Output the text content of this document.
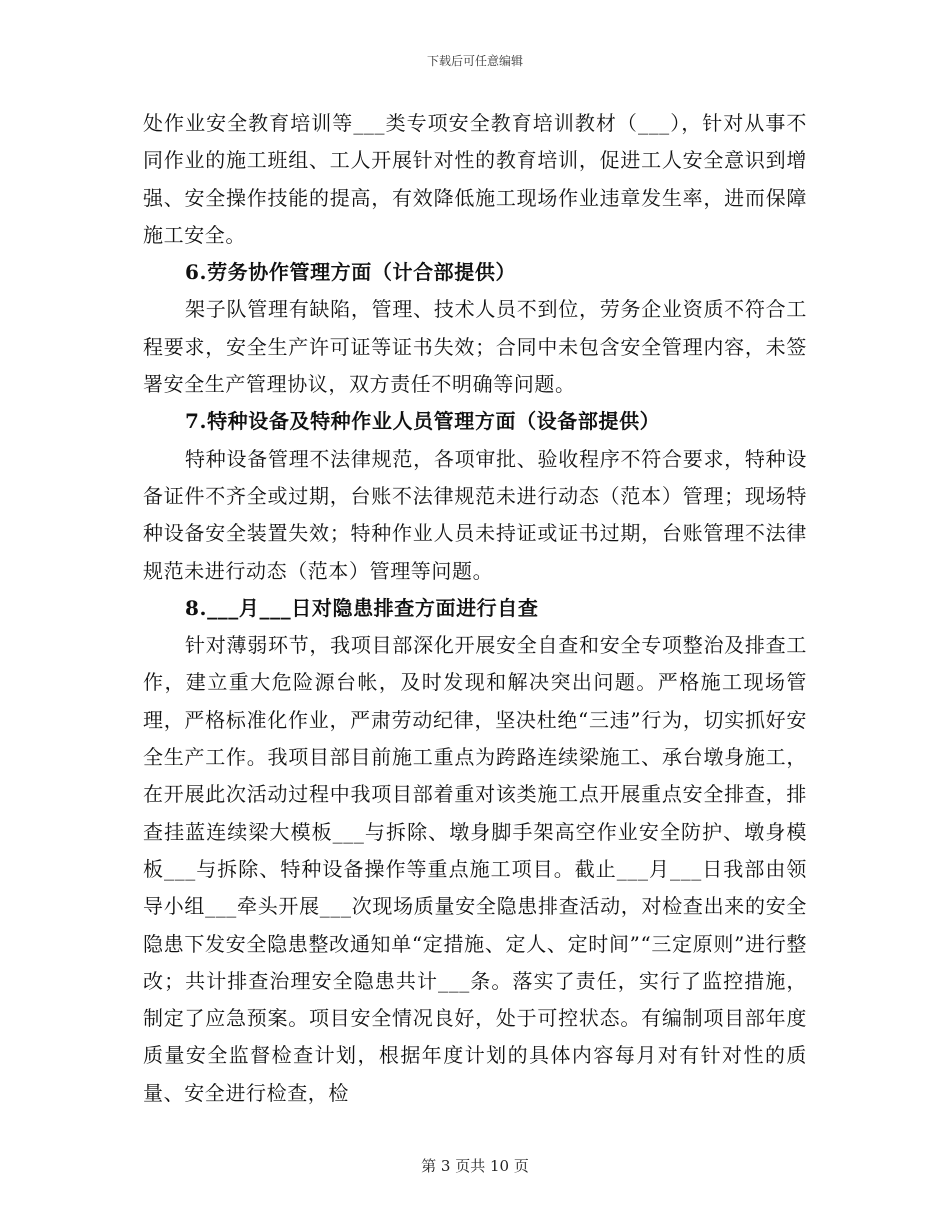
下载后可任意编辑

处作业安全教育培训等___类专项安全教育培训教材（___），针对从事不同作业的施工班组、工人开展针对性的教育培训，促进工人安全意识到增强、安全操作技能的提高，有效降低施工现场作业违章发生率，进而保障施工安全。

6.劳务协作管理方面（计合部提供）

架子队管理有缺陷，管理、技术人员不到位，劳务企业资质不符合工程要求，安全生产许可证等证书失效；合同中未包含安全管理内容，未签署安全生产管理协议，双方责任不明确等问题。

7.特种设备及特种作业人员管理方面（设备部提供）

特种设备管理不法律规范，各项审批、验收程序不符合要求，特种设备证件不齐全或过期，台账不法律规范未进行动态（范本）管理；现场特种设备安全装置失效；特种作业人员未持证或证书过期，台账管理不法律规范未进行动态（范本）管理等问题。

8.___月___日对隐患排查方面进行自查

针对薄弱环节，我项目部深化开展安全自查和安全专项整治及排查工作，建立重大危险源台帐，及时发现和解决突出问题。严格施工现场管理，严格标准化作业，严肃劳动纪律，坚决杜绝“三违”行为，切实抓好安全生产工作。我项目部目前施工重点为跨路连续梁施工、承台墩身施工，在开展此次活动过程中我项目部着重对该类施工点开展重点安全排查，排查挂蓝连续梁大模板___与拆除、墩身脚手架高空作业安全防护、墩身模板___与拆除、特种设备操作等重点施工项目。截止___月___日我部由领导小组___牵头开展___次现场质量安全隐患排查活动，对检查出来的安全隐患下发安全隐患整改通知单“定措施、定人、定时间”“三定原则”进行整改；共计排查治理安全隐患共计___条。落实了责任，实行了监控措施，制定了应急预案。项目安全情况良好，处于可控状态。有编制项目部年度质量安全监督检查计划，根据年度计划的具体内容每月对有针对性的质量、安全进行检查，检

第 3 页共 10 页
